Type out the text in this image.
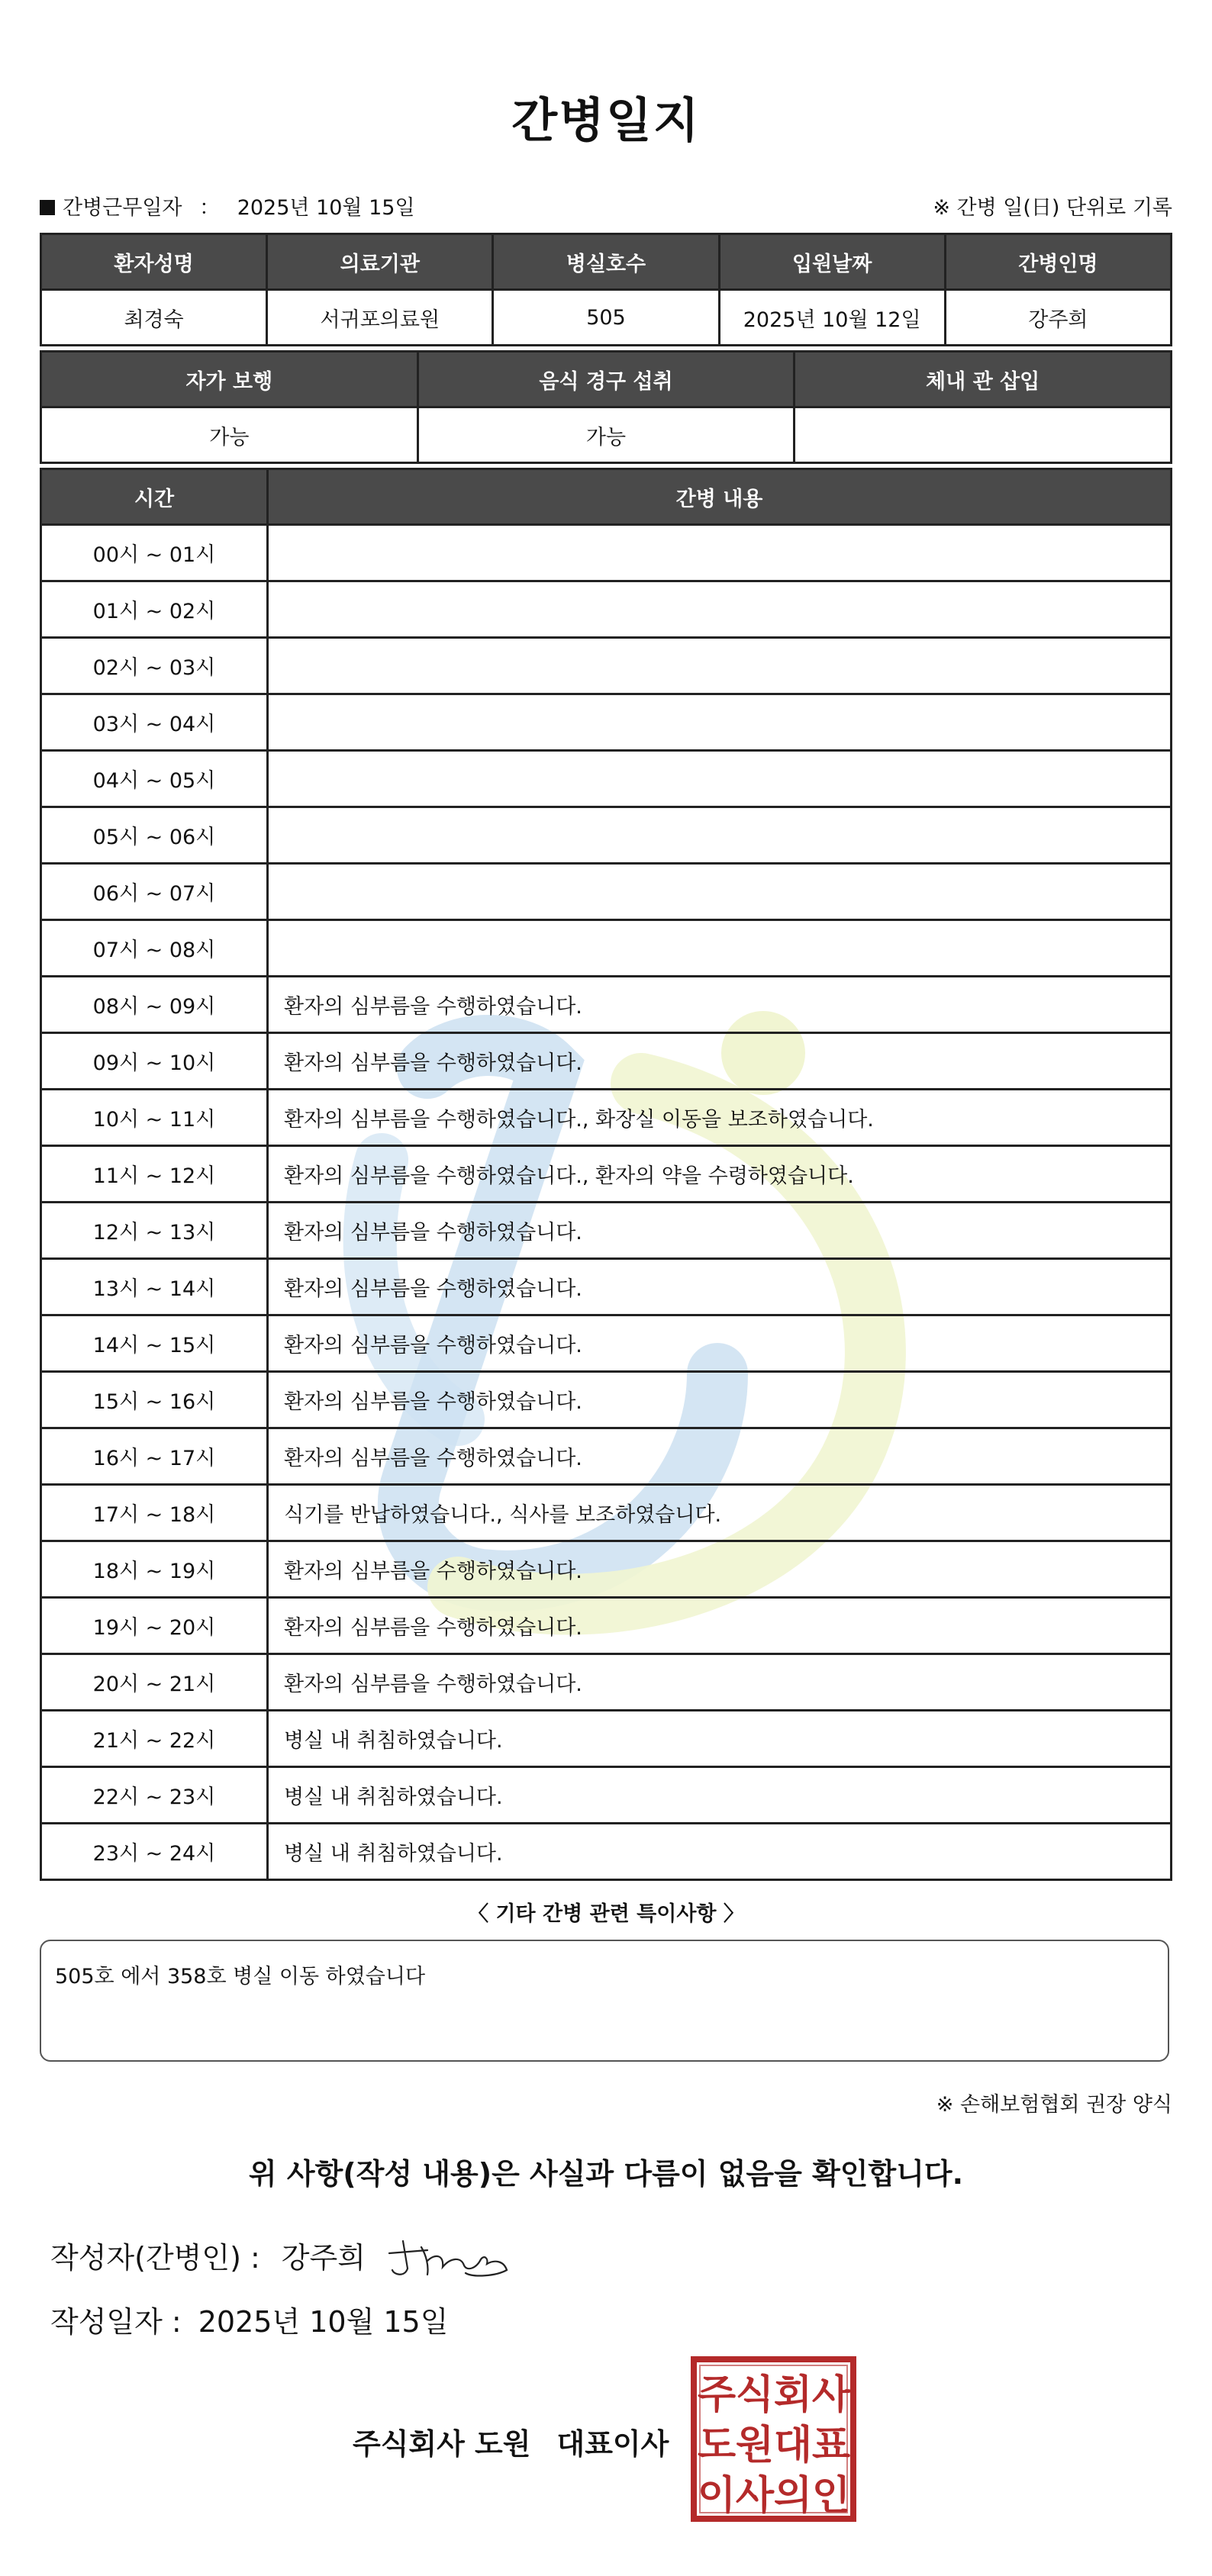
간병일지
간병근무일자 ： 2025년 10월 15일	※ 간병 일(日) 단위로 기록
환자성명	의료기관	병실호수	입원날짜	간병인명
최경숙	서귀포의료원	505	2025년 10월 12일	강주희
자가 보행	음식 경구 섭취	체내 관 삽입
가능	가능	
시간	간병 내용
00시 ~ 01시	
01시 ~ 02시	
02시 ~ 03시	
03시 ~ 04시	
04시 ~ 05시	
05시 ~ 06시	
06시 ~ 07시	
07시 ~ 08시	
08시 ~ 09시	환자의 심부름을 수행하였습니다.
09시 ~ 10시	환자의 심부름을 수행하였습니다.
10시 ~ 11시	환자의 심부름을 수행하였습니다., 화장실 이동을 보조하였습니다.
11시 ~ 12시	환자의 심부름을 수행하였습니다., 환자의 약을 수령하였습니다.
12시 ~ 13시	환자의 심부름을 수행하였습니다.
13시 ~ 14시	환자의 심부름을 수행하였습니다.
14시 ~ 15시	환자의 심부름을 수행하였습니다.
15시 ~ 16시	환자의 심부름을 수행하였습니다.
16시 ~ 17시	환자의 심부름을 수행하였습니다.
17시 ~ 18시	식기를 반납하였습니다., 식사를 보조하였습니다.
18시 ~ 19시	환자의 심부름을 수행하였습니다.
19시 ~ 20시	환자의 심부름을 수행하였습니다.
20시 ~ 21시	환자의 심부름을 수행하였습니다.
21시 ~ 22시	병실 내 취침하였습니다.
22시 ~ 23시	병실 내 취침하였습니다.
23시 ~ 24시	병실 내 취침하였습니다.
〈 기타 간병 관련 특이사항 〉
505호 에서 358호 병실 이동 하였습니다
※ 손해보험협회 권장 양식
위 사항(작성 내용)은 사실과 다름이 없음을 확인합니다.
작성자(간병인) : 강주희
작성일자 : 2025년 10월 15일
주식회사 도원 대표이사
주 식 회 사
도 원 대 표
이 사 의 인
